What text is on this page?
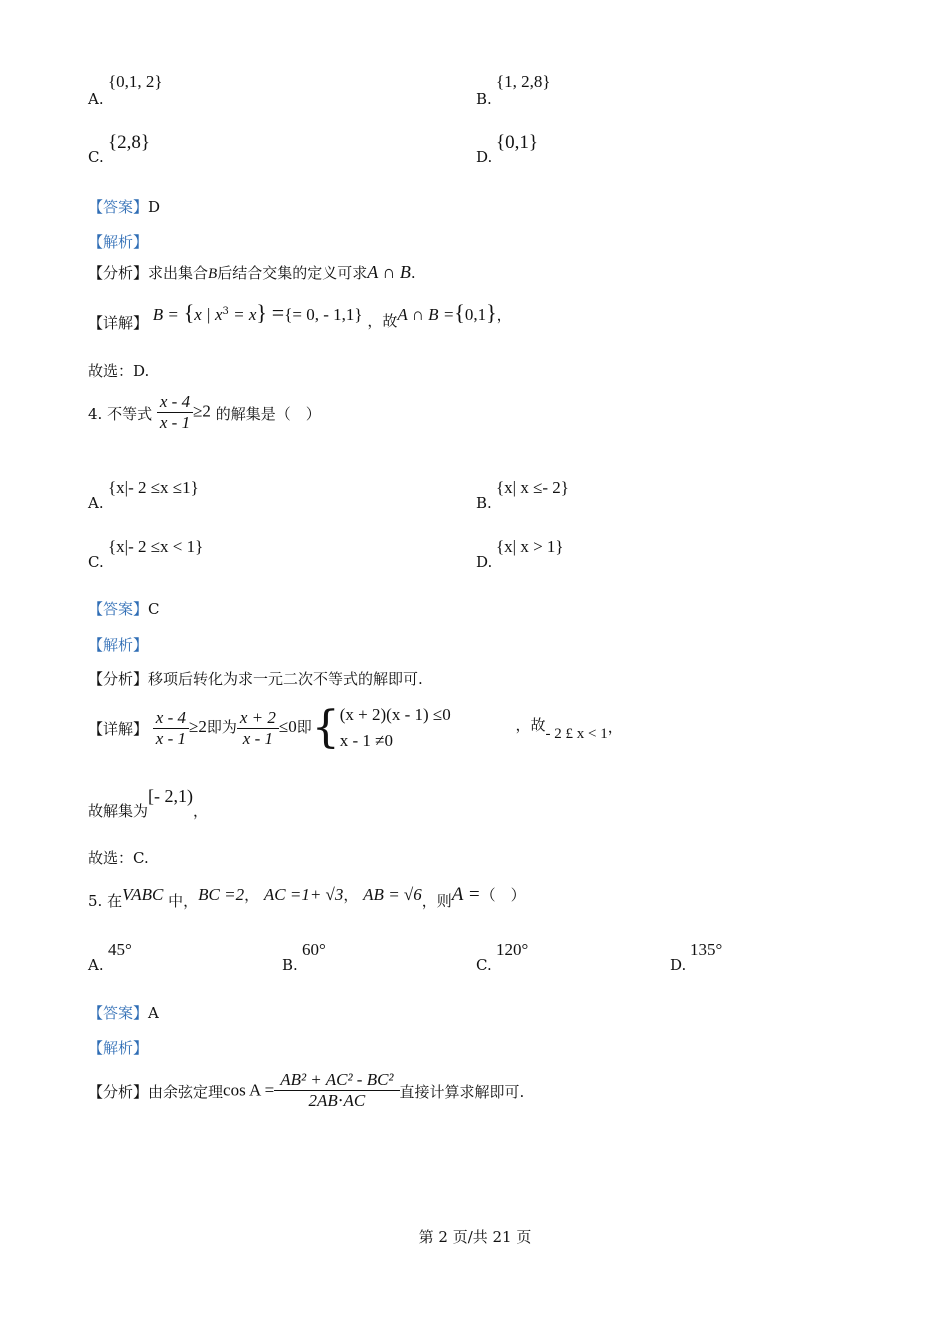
A.
{0,1, 2}
B.
{1, 2,8}
C.
{2,8}
D.
{0,1}
【答案】D
【解析】
【分析】求出集合B后结合交集的定义可求A ∩ B.
【详解】 B = {x | $x^3 = x$} ={= 0, - 1,1} ，故A ∩ B ={0,1}，
故选：D.
4. 不等式 $\frac{x - 4}{x - 1} \ge 2$ 的解集是（　）
A.
{x|- 2 ≤x ≤1}
B.
{x| x ≤- 2}
C.
{x|- 2 ≤x < 1}
D.
{x| x > 1}
【答案】C
【解析】
【分析】移项后转化为求一元二次不等式的解即可.
【详解】 $\frac{x - 4}{x - 1} \ge 2$即为 $\frac{x + 2}{x - 1} \le 0$即{ (x + 2)(x - 1) ≤0
x - 1 ≠0
，故- 2 £ x < 1，
故解集为[- 2,1)，
故选：C.
5. 在VABC 中，BC =2， AC =1+ √3， AB = √6，则A =（　）
A.
45°
B.
60°
C.
120°
D.
135°
【答案】A
【解析】
【分析】由余弦定理$\cos A = \frac{\text{AB² + AC² - BC²}}{2AB\cdot AC}$ 直接计算求解即可.
第 2 页/共 21 页
